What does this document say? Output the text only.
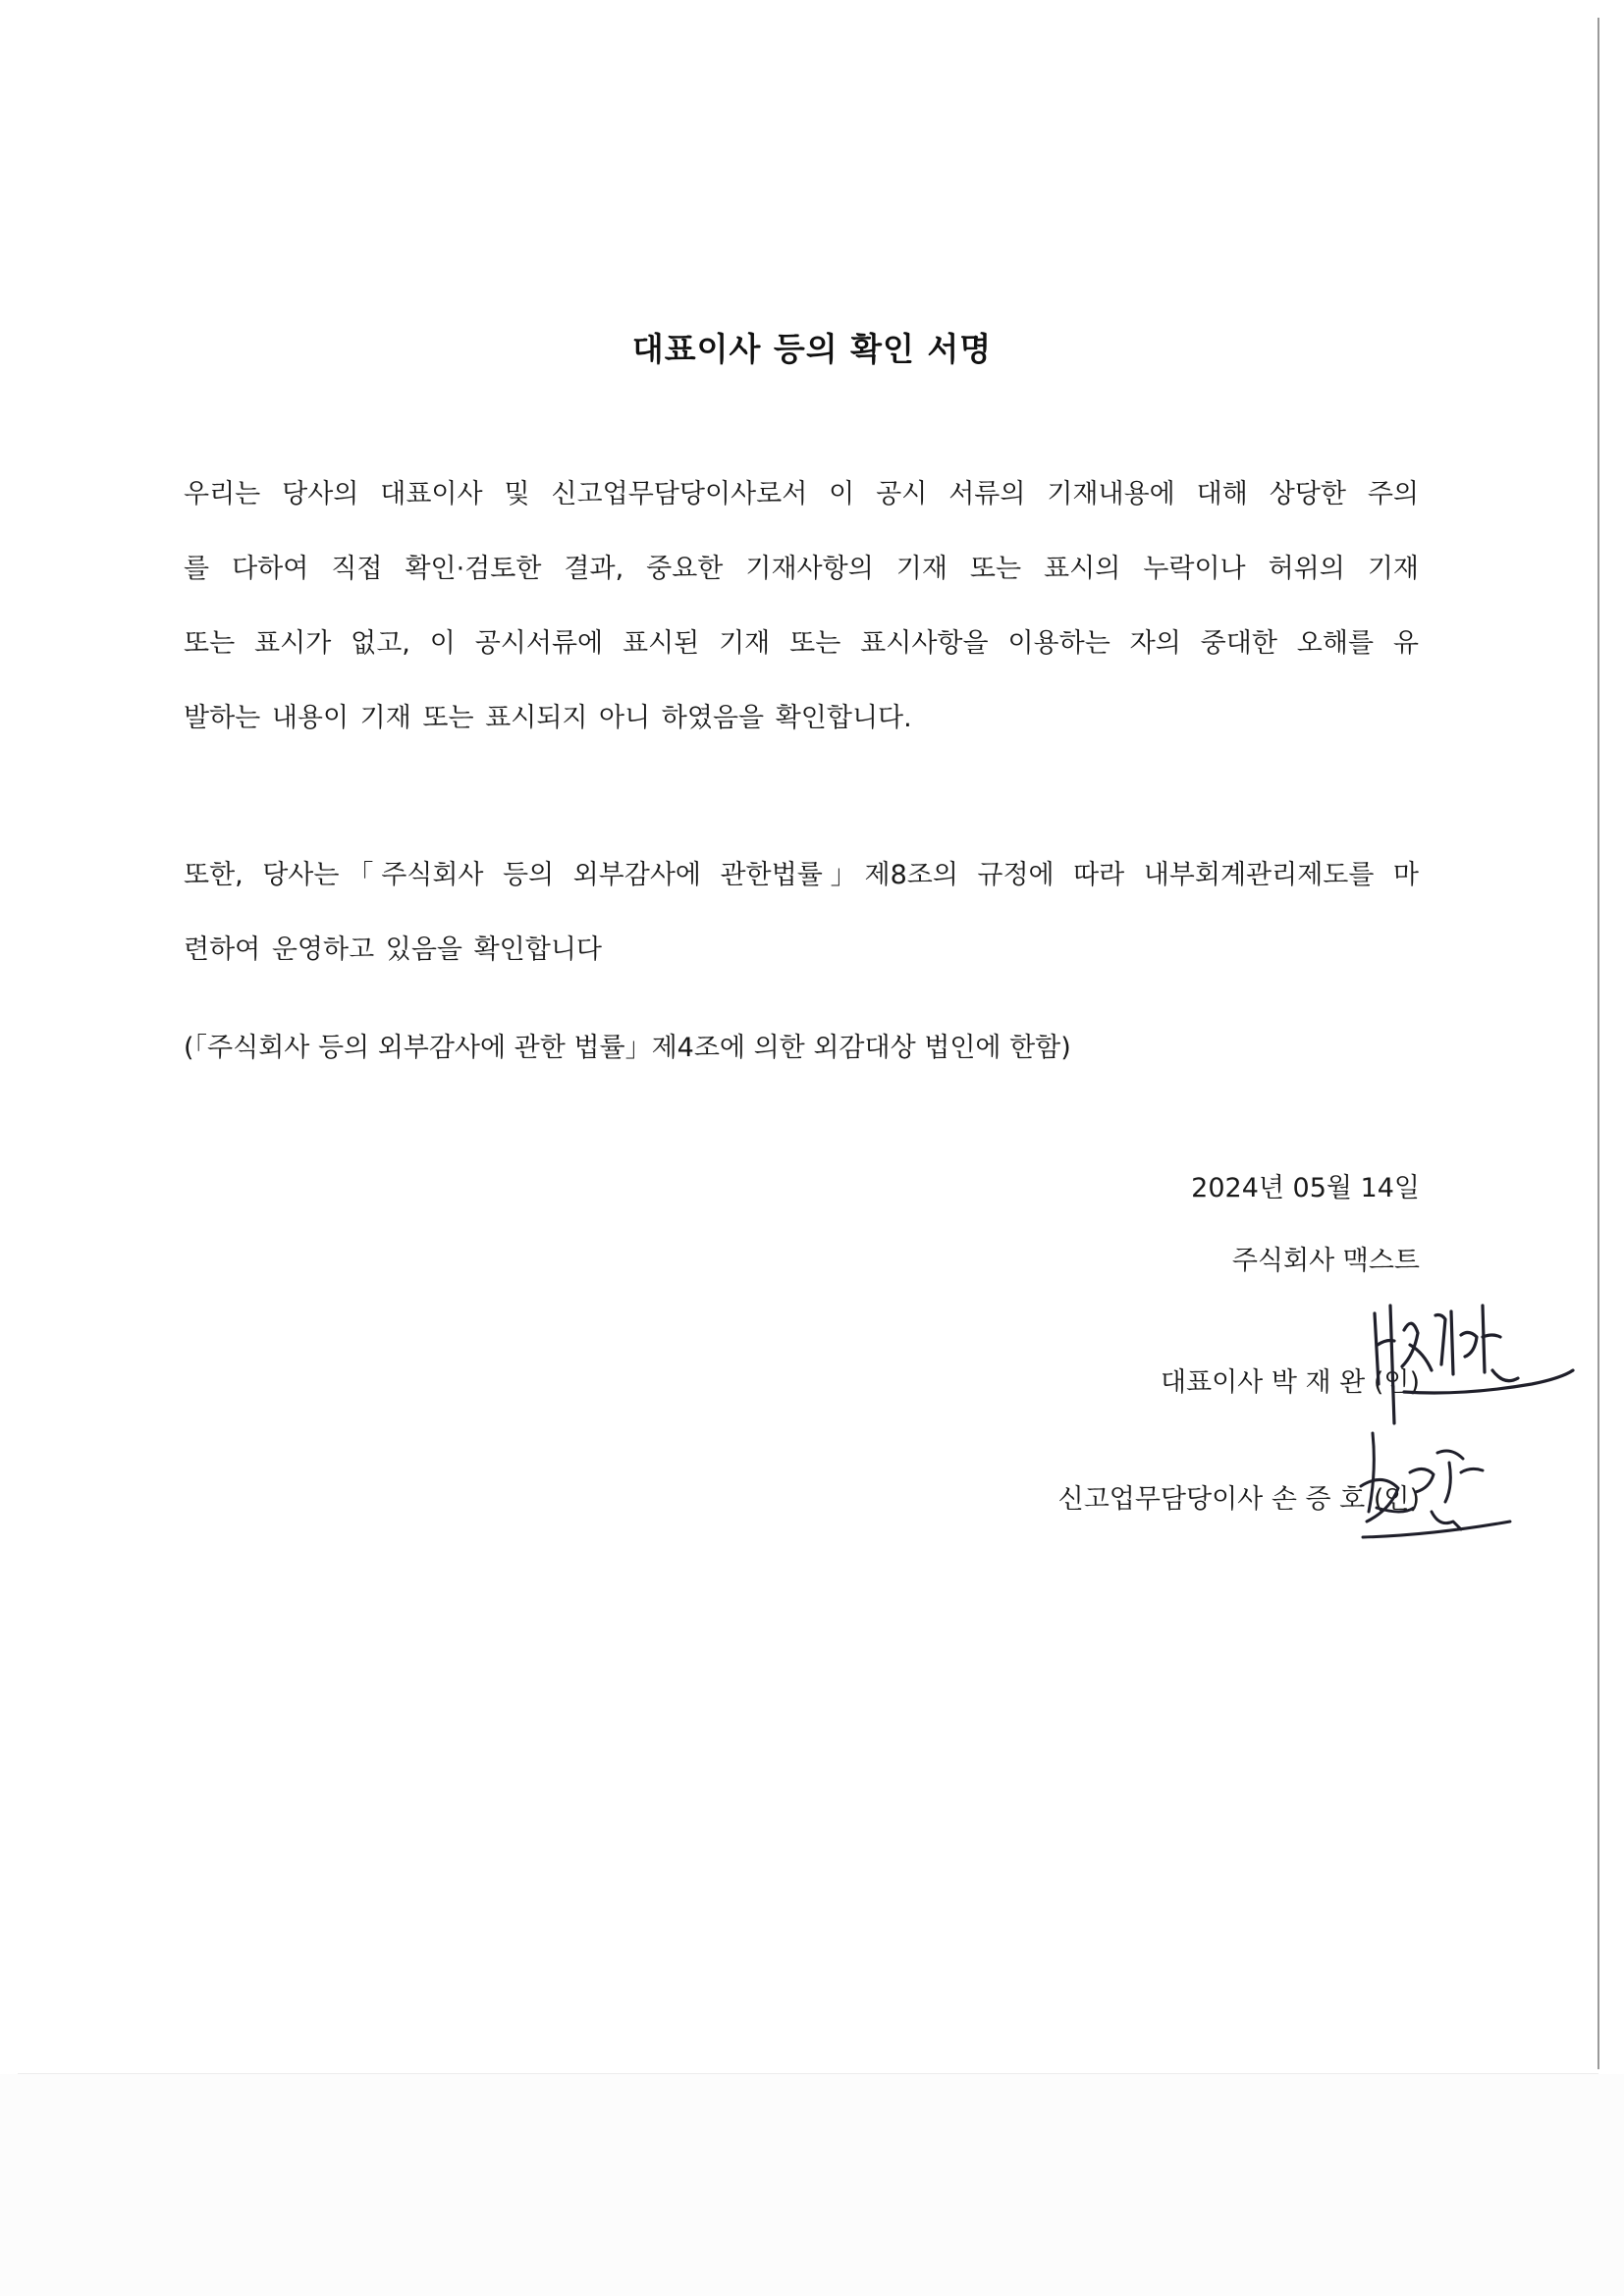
대표이사 등의 확인 서명
우리는 당사의 대표이사 및 신고업무담당이사로서 이 공시 서류의 기재내용에 대해 상당한 주의
를 다하여 직접 확인·검토한 결과, 중요한 기재사항의 기재 또는 표시의 누락이나 허위의 기재
또는 표시가 없고, 이 공시서류에 표시된 기재 또는 표시사항을 이용하는 자의 중대한 오해를 유
발하는 내용이 기재 또는 표시되지 아니 하였음을 확인합니다.
또한, 당사는「주식회사 등의 외부감사에 관한법률」제8조의 규정에 따라 내부회계관리제도를 마
련하여 운영하고 있음을 확인합니다
(「주식회사 등의 외부감사에 관한 법률」제4조에 의한 외감대상 법인에 한함)
2024년 05월 14일
주식회사 맥스트
대표이사 박 재 완 (인)
신고업무담당이사 손 증 호 (인)
